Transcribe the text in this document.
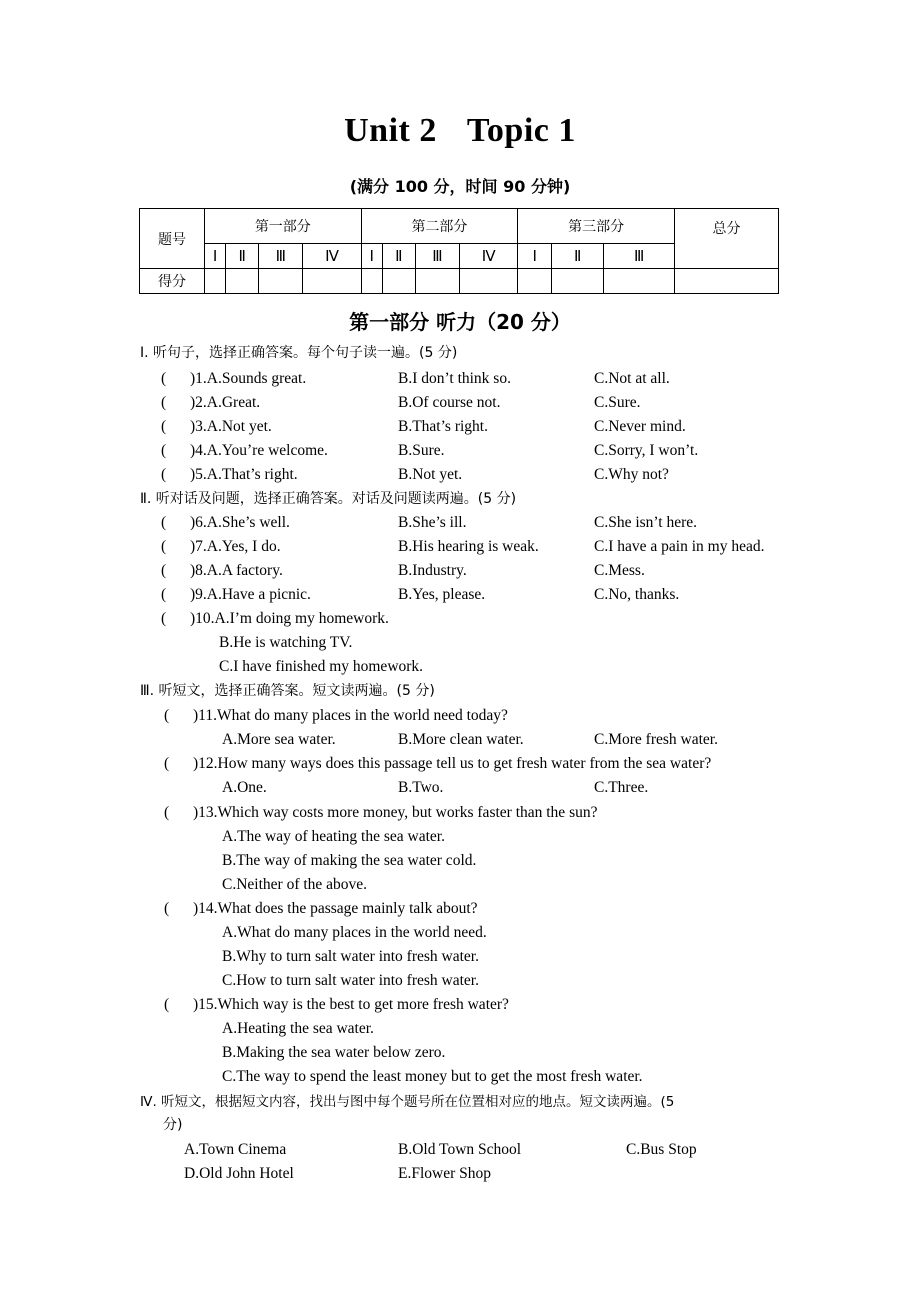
Unit 2 Topic 1
(满分 100 分，时间 90 分钟)
题号	第一部分				第二部分				第三部分			总分
	Ⅰ	Ⅱ	Ⅲ	Ⅳ	Ⅰ	Ⅱ	Ⅲ	Ⅳ	Ⅰ	Ⅱ	Ⅲ	
得分												
第一部分 听力（20 分）
Ⅰ. 听句子，选择正确答案。每个句子读一遍。(5 分)
( )1.A.Sounds great.	B.I don’t think so.	C.Not at all.
( )2.A.Great.	B.Of course not.	C.Sure.
( )3.A.Not yet.	B.That’s right.	C.Never mind.
( )4.A.You’re welcome.	B.Sure.	C.Sorry, I won’t.
( )5.A.That’s right.	B.Not yet.	C.Why not?
Ⅱ. 听对话及问题，选择正确答案。对话及问题读两遍。(5 分)
( )6.A.She’s well.	B.She’s ill.	C.She isn’t here.
( )7.A.Yes, I do.	B.His hearing is weak.	C.I have a pain in my head.
( )8.A.A factory.	B.Industry.	C.Mess.
( )9.A.Have a picnic.	B.Yes, please.	C.No, thanks.
( )10.A.I’m doing my homework.
B.He is watching TV.
C.I have finished my homework.
Ⅲ. 听短文，选择正确答案。短文读两遍。(5 分)
( )11.What do many places in the world need today?
A.More sea water.	B.More clean water.	C.More fresh water.
( )12.How many ways does this passage tell us to get fresh water from the sea water?
A.One.	B.Two.	C.Three.
( )13.Which way costs more money, but works faster than the sun?
A.The way of heating the sea water.
B.The way of making the sea water cold.
C.Neither of the above.
( )14.What does the passage mainly talk about?
A.What do many places in the world need.
B.Why to turn salt water into fresh water.
C.How to turn salt water into fresh water.
( )15.Which way is the best to get more fresh water?
A.Heating the sea water.
B.Making the sea water below zero.
C.The way to spend the least money but to get the most fresh water.
Ⅳ. 听短文，根据短文内容，找出与图中每个题号所在位置相对应的地点。短文读两遍。(5
分)
A.Town Cinema	B.Old Town School	C.Bus Stop
D.Old John Hotel	E.Flower Shop
